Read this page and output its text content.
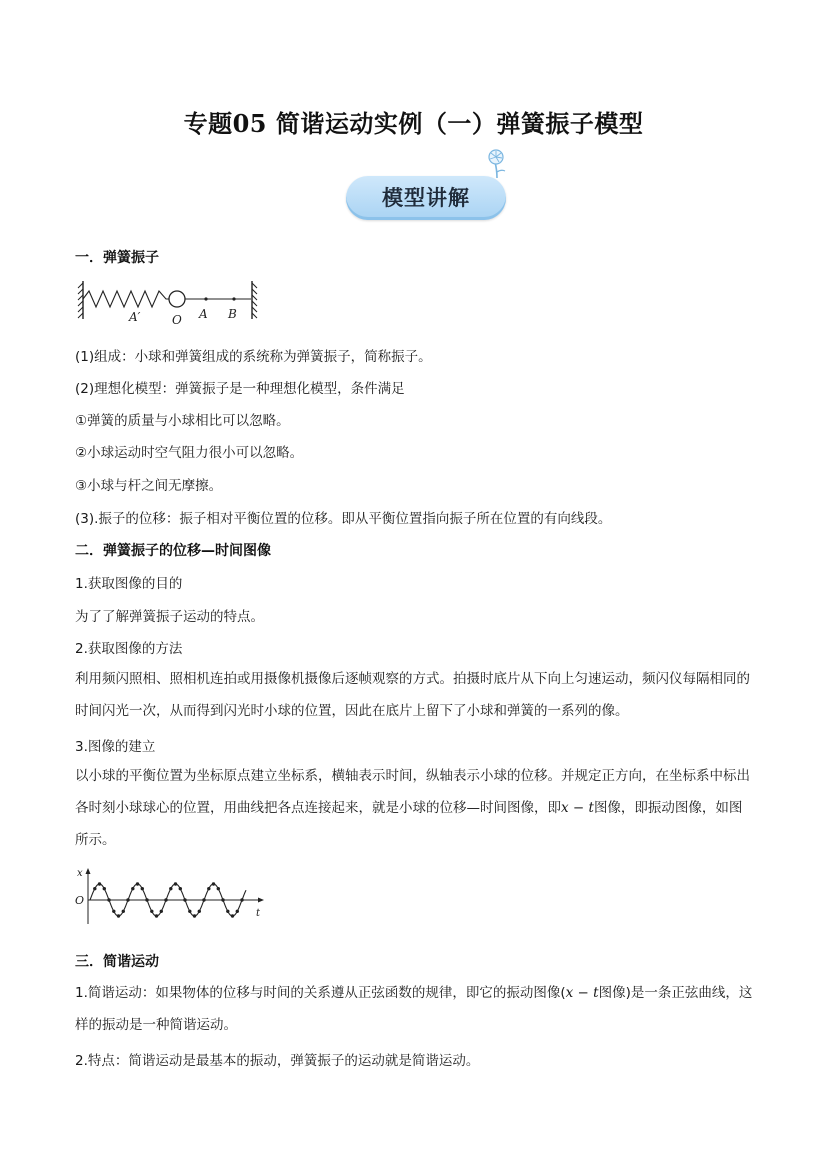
专题05 简谐运动实例（一）弹簧振子模型
模型讲解
一．弹簧振子
A′	O A B
(1)组成：小球和弹簧组成的系统称为弹簧振子，简称振子。
(2)理想化模型：弹簧振子是一种理想化模型，条件满足
①弹簧的质量与小球相比可以忽略。
②小球运动时空气阻力很小可以忽略。
③小球与杆之间无摩擦。
(3).振子的位移：振子相对平衡位置的位移。即从平衡位置指向振子所在位置的有向线段。
二．弹簧振子的位移—时间图像
1.获取图像的目的
为了了解弹簧振子运动的特点。
2.获取图像的方法
利用频闪照相、照相机连拍或用摄像机摄像后逐帧观察的方式。拍摄时底片从下向上匀速运动，频闪仪每隔相同的时间闪光一次，从而得到闪光时小球的位置，因此在底片上留下了小球和弹簧的一系列的像。
3.图像的建立
以小球的平衡位置为坐标原点建立坐标系，横轴表示时间，纵轴表示小球的位移。并规定正方向，在坐标系中标出各时刻小球球心的位置，用曲线把各点连接起来，就是小球的位移—时间图像，即x − t图像，即振动图像，如图所示。
x
O
t
三．简谐运动
1.简谐运动：如果物体的位移与时间的关系遵从正弦函数的规律，即它的振动图像(x − t图像)是一条正弦曲线，这样的振动是一种简谐运动。
2.特点：简谐运动是最基本的振动，弹簧振子的运动就是简谐运动。
